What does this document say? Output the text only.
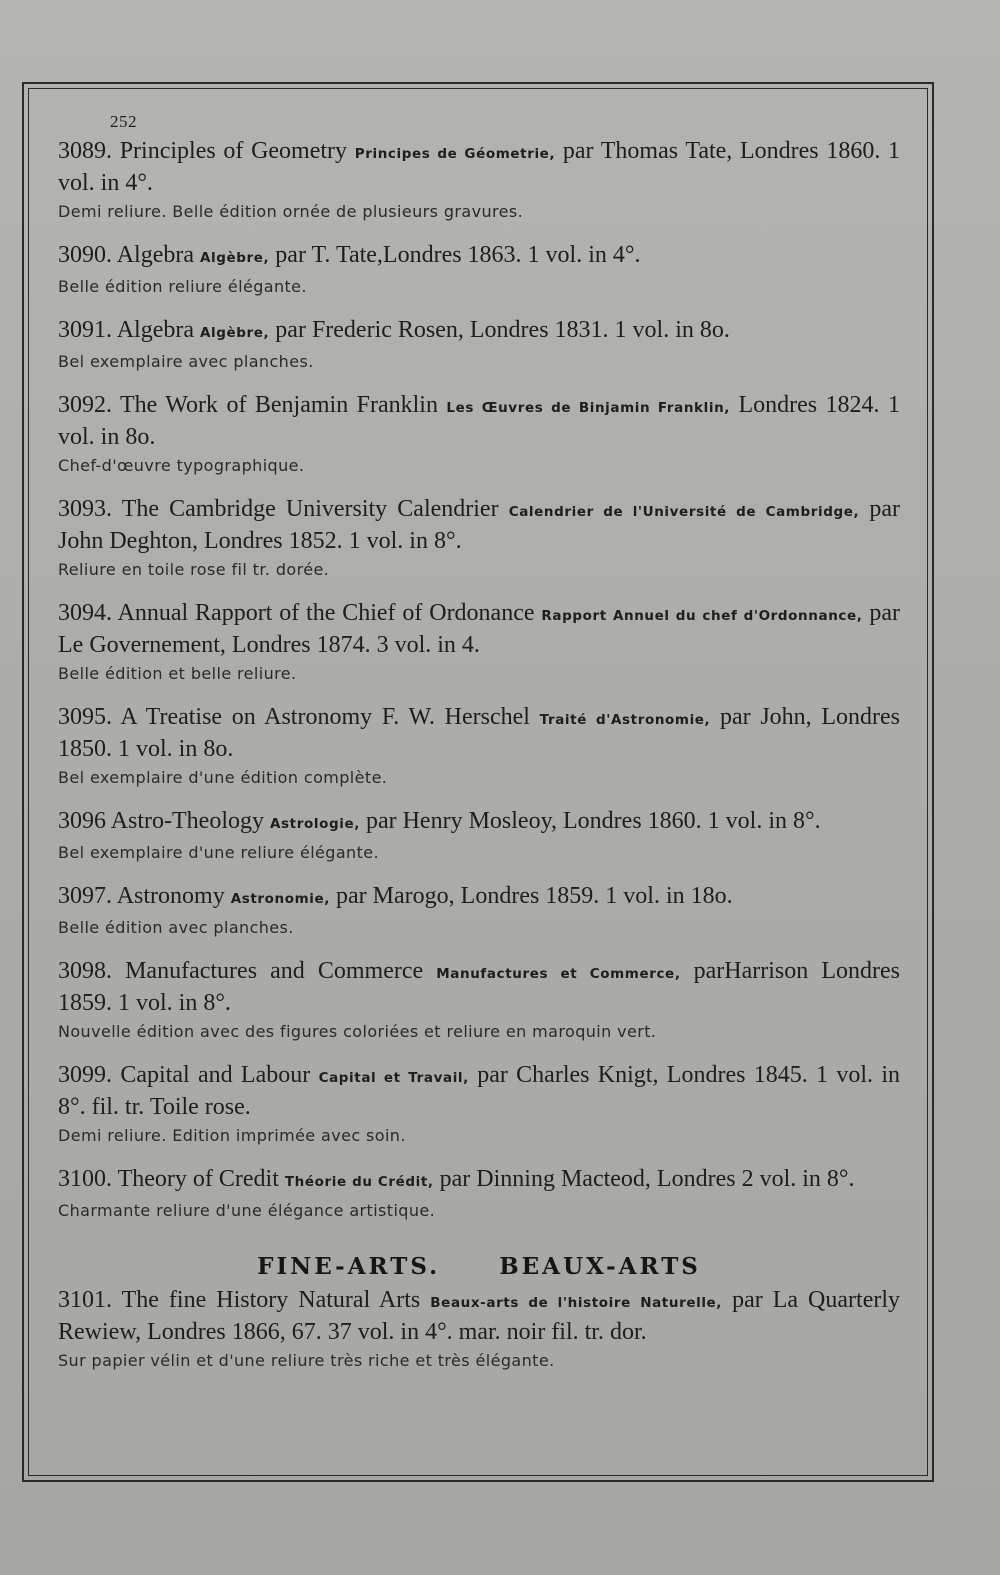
252
3089. Principles of Geometry Principes de Géometrie, par Thomas Tate, Londres 1860. 1 vol. in 4°.
Demi reliure. Belle édition ornée de plusieurs gravures.
3090. Algebra Algèbre, par T. Tate,Londres 1863. 1 vol. in 4°.
Belle édition reliure élégante.
3091. Algebra Algèbre, par Frederic Rosen, Londres 1831. 1 vol. in 8o.
Bel exemplaire avec planches.
3092. The Work of Benjamin Franklin Les Œuvres de Binjamin Franklin, Londres 1824. 1 vol. in 8o.
Chef-d'œuvre typographique.
3093. The Cambridge University Calendrier Calendrier de l'Université de Cambridge, par John Deghton, Londres 1852. 1 vol. in 8°.
Reliure en toile rose fil tr. dorée.
3094. Annual Rapport of the Chief of Ordonance Rapport Annuel du chef d'Ordonnance, par Le Governement, Londres 1874. 3 vol. in 4.
Belle édition et belle reliure.
3095. A Treatise on Astronomy F. W. Herschel Traité d'Astronomie, par John, Londres 1850. 1 vol. in 8o.
Bel exemplaire d'une édition complète.
3096 Astro-Theology Astrologie, par Henry Mosleoy, Londres 1860. 1 vol. in 8°.
Bel exemplaire d'une reliure élégante.
3097. Astronomy Astronomie, par Marogo, Londres 1859. 1 vol. in 18o.
Belle édition avec planches.
3098. Manufactures and Commerce Manufactures et Commerce, parHarrison Londres 1859. 1 vol. in 8°.
Nouvelle édition avec des figures coloriées et reliure en maroquin vert.
3099. Capital and Labour Capital et Travail, par Charles Knigt, Londres 1845. 1 vol. in 8°. fil. tr. Toile rose.
Demi reliure. Edition imprimée avec soin.
3100. Theory of Credit Théorie du Crédit, par Dinning Macteod, Londres 2 vol. in 8°.
Charmante reliure d'une élégance artistique.
FINE-ARTS.	BEAUX-ARTS
3101. The fine History Natural Arts Beaux-arts de l'histoire Naturelle, par La Quarterly Rewiew, Londres 1866, 67. 37 vol. in 4°. mar. noir fil. tr. dor.
Sur papier vélin et d'une reliure très riche et très élégante.
